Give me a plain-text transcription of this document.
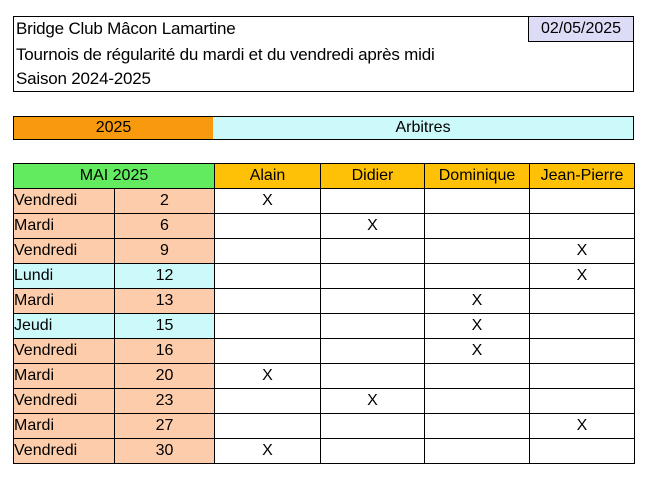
Bridge Club Mâcon Lamartine	02/05/2025
Tournois de régularité du mardi et du vendredi après midi
Saison 2024-2025
2025	Arbitres
MAI 2025		Alain	Didier	Dominique	Jean-Pierre
Vendredi	2	X			
Mardi	6		X		
Vendredi	9				X
Lundi	12				X
Mardi	13			X	
Jeudi	15			X	
Vendredi	16			X	
Mardi	20	X			
Vendredi	23		X		
Mardi	27				X
Vendredi	30	X			
